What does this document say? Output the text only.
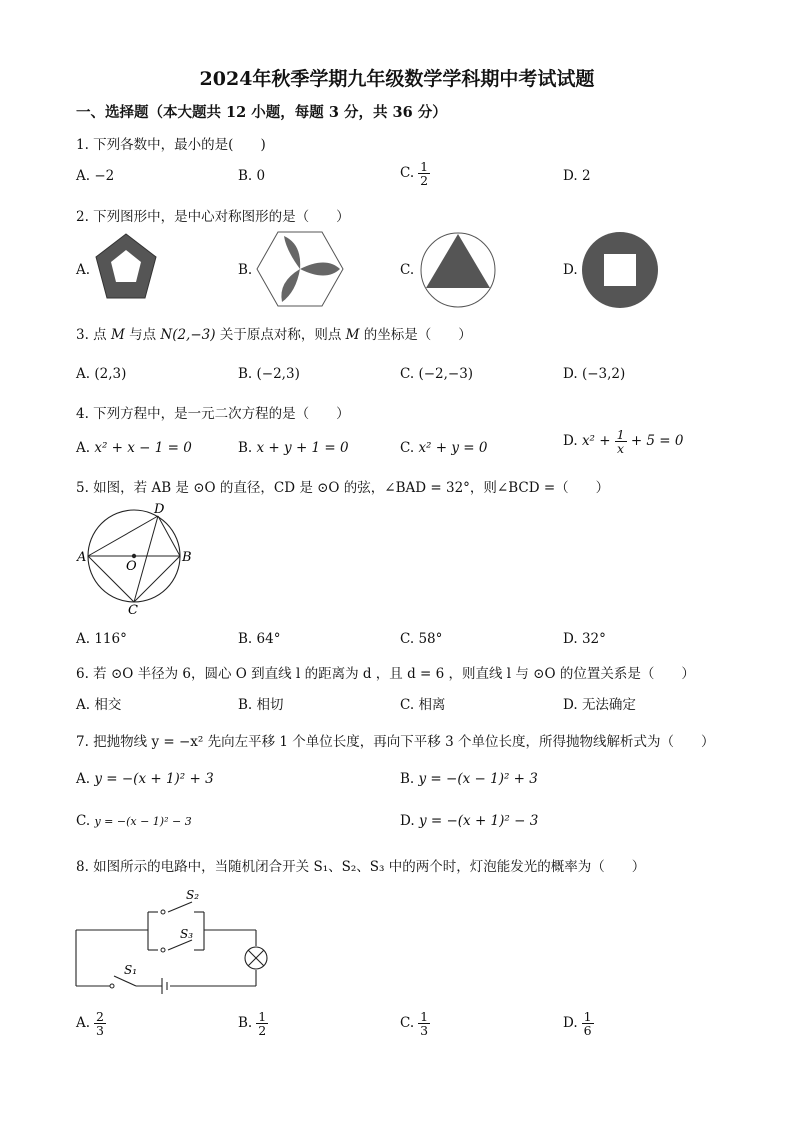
2024年秋季学期九年级数学学科期中考试试题
一、选择题（本大题共 12 小题，每题 3 分，共 36 分）
1. 下列各数中，最小的是(　　)
A. −2	B. 0	C. $\frac{1}{2}$	D. 2
2. 下列图形中，是中心对称图形的是（　　）
A.	B.	C.	D.
3. 点 M 与点 N(2,−3) 关于原点对称，则点 M 的坐标是（　　）
A. (2,3)	B. (−2,3)	C. (−2,−3)	D. (−3,2)
4. 下列方程中，是一元二次方程的是（　　）
A. x² + x − 1 = 0	B. x + y + 1 = 0	C. x² + y = 0	D. $x^2 + \frac{1}{x} + 5 = 0$
5. 如图，若 AB 是 ⊙O 的直径，CD 是 ⊙O 的弦，∠BAD = 32°，则∠BCD =（　　）
A	B
C
D
O
A. 116°	B. 64°	C. 58°	D. 32°
6. 若 ⊙O 半径为 6，圆心 O 到直线 l 的距离为 d ，且 d = 6 ，则直线 l 与 ⊙O 的位置关系是（　　）
A. 相交	B. 相切	C. 相离	D. 无法确定
7. 把抛物线 y = −x² 先向左平移 1 个单位长度，再向下平移 3 个单位长度，所得抛物线解析式为（　　）
A. y = −(x + 1)² + 3	B. y = −(x − 1)² + 3
C. y = −(x − 1)² − 3	D. y = −(x + 1)² − 3
8. 如图所示的电路中，当随机闭合开关 S₁、S₂、S₃ 中的两个时，灯泡能发光的概率为（　　）
S₂
S₃
S₁
A. $\frac{2}{3}$	B. $\frac{1}{2}$	C. $\frac{1}{3}$	D. $\frac{1}{6}$
